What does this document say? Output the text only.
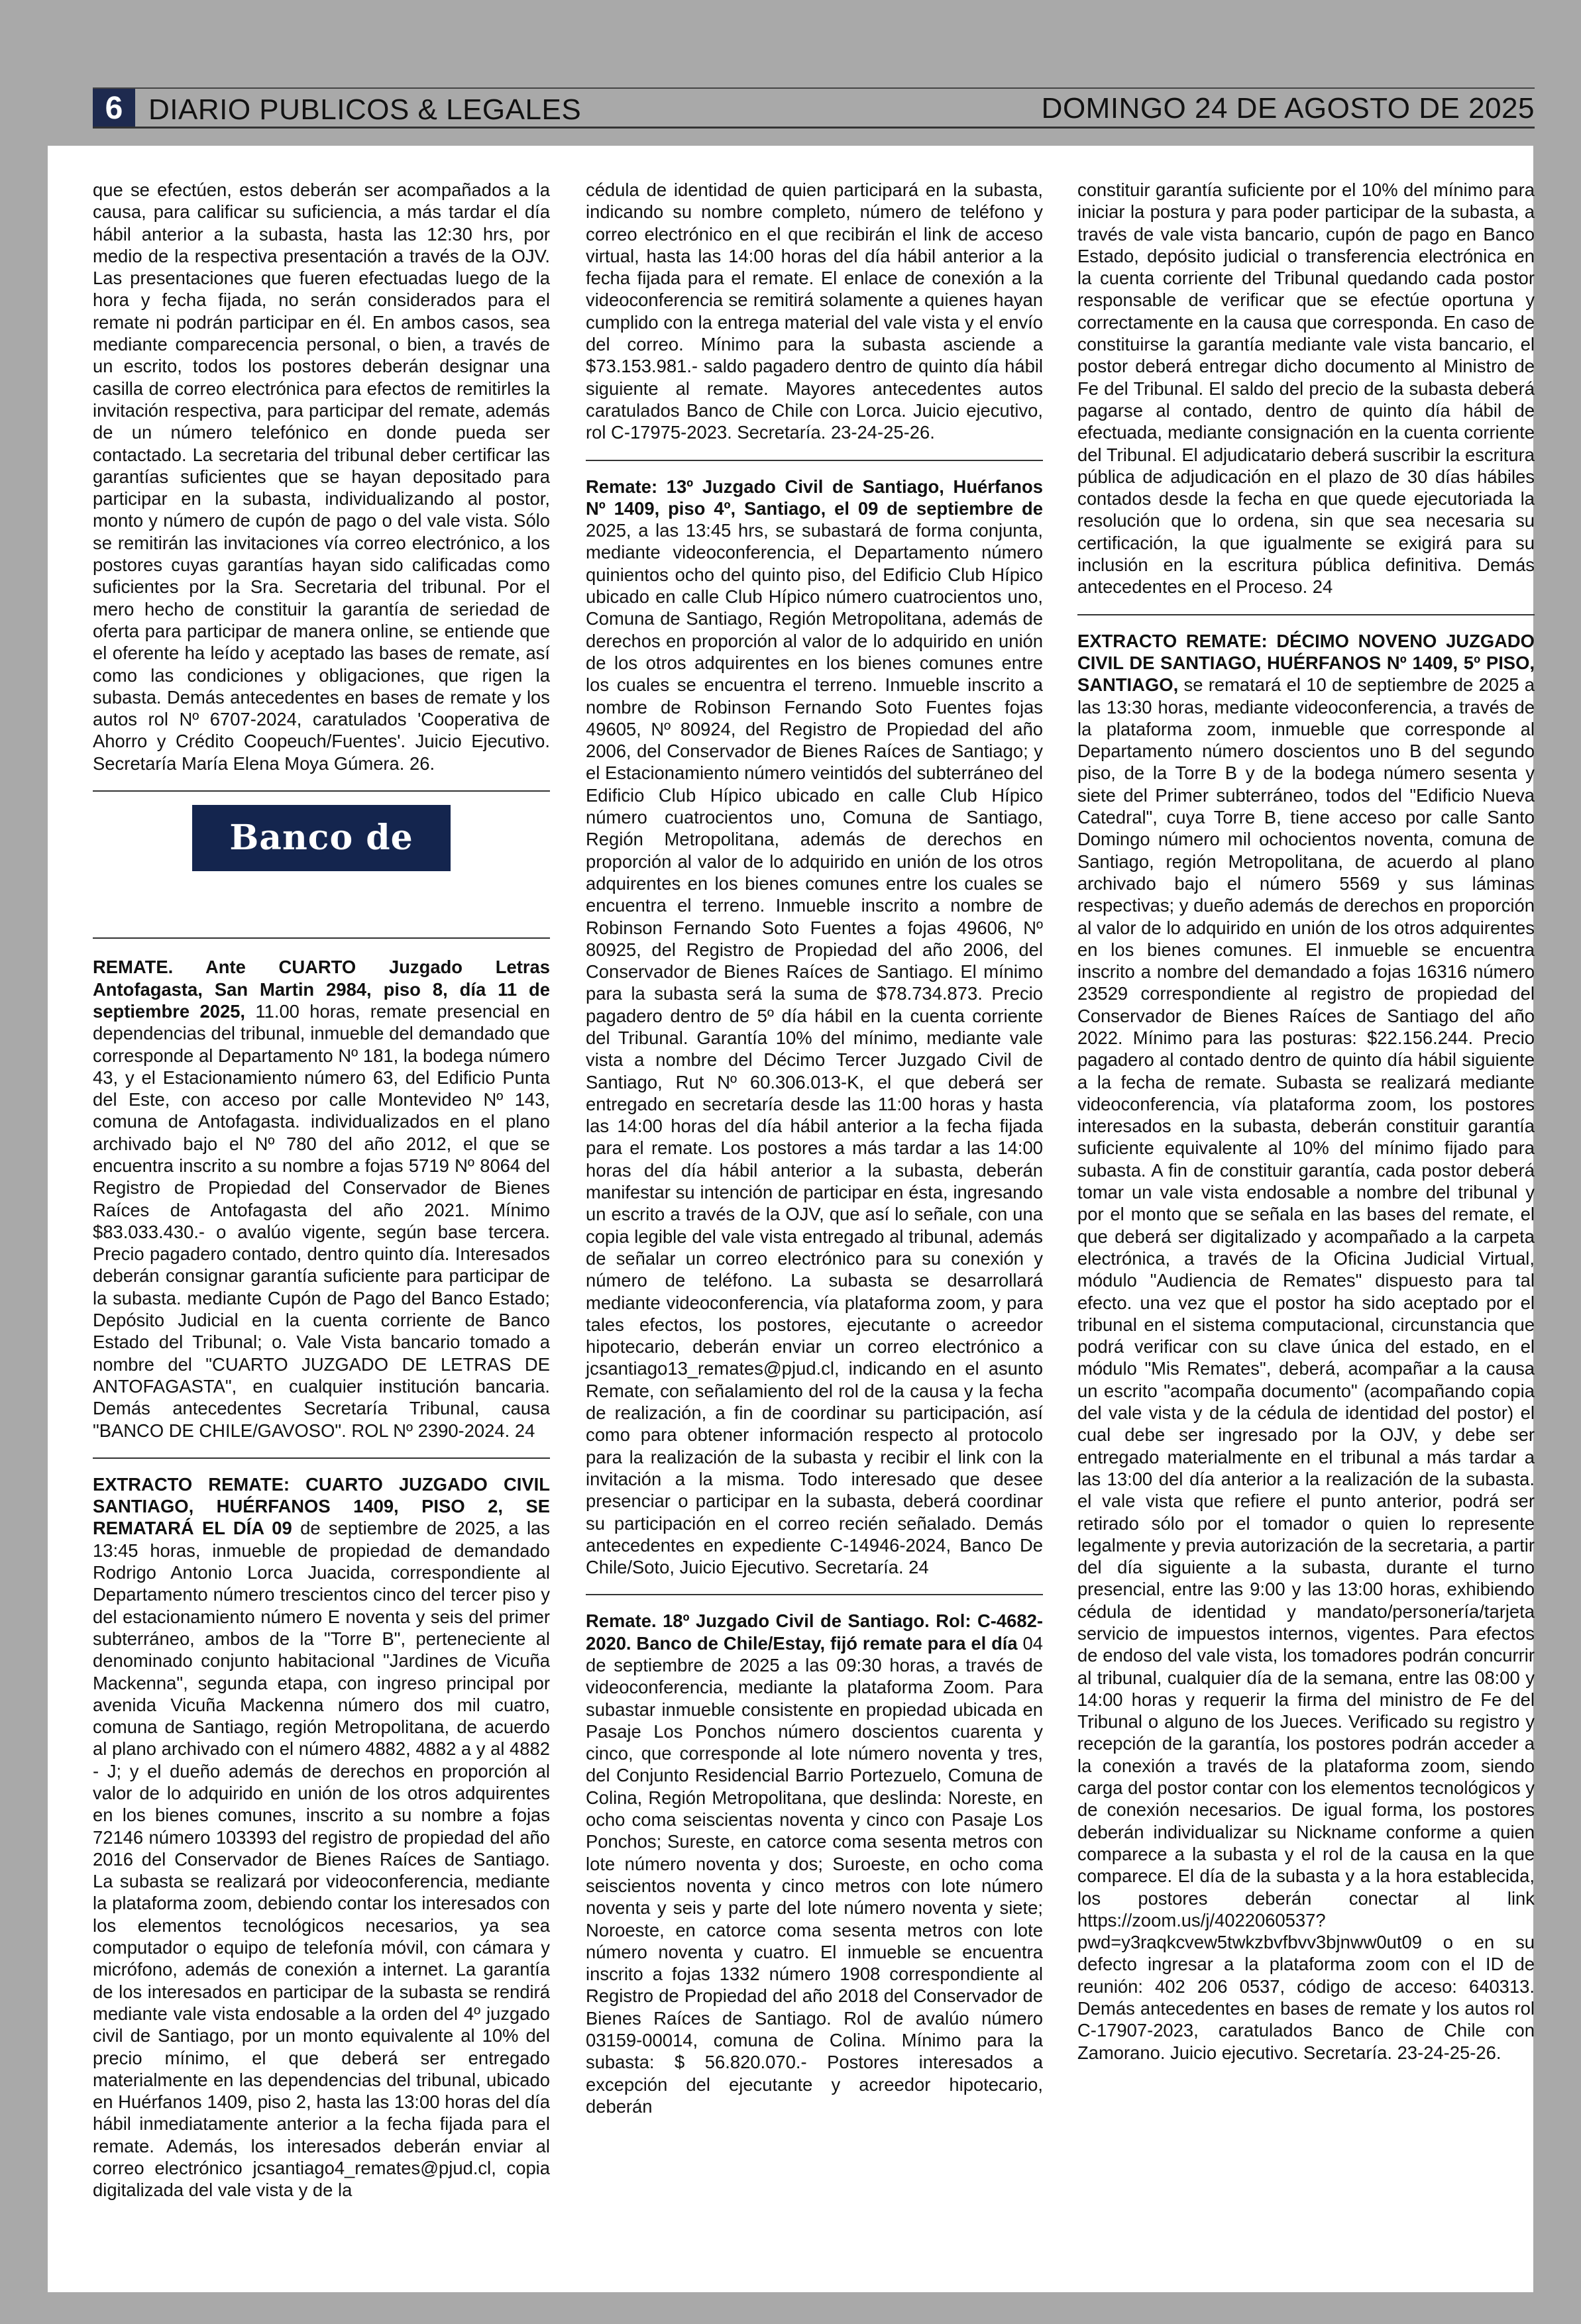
6 DIARIO PUBLICOS & LEGALES	DOMINGO 24 DE AGOSTO DE 2025

que se efectúen, estos deberán ser acompañados a la causa, para calificar su suficiencia, a más tardar el día hábil anterior a la subasta, hasta las 12:30 hrs, por medio de la respectiva presentación a través de la OJV. Las presentaciones que fueren efectuadas luego de la hora y fecha fijada, no serán considerados para el remate ni podrán participar en él. En ambos casos, sea mediante comparecencia personal, o bien, a través de un escrito, todos los postores deberán designar una casilla de correo electrónica para efectos de remitirles la invitación respectiva, para participar del remate, además de un número telefónico en donde pueda ser contactado. La secretaria del tribunal deber certificar las garantías suficientes que se hayan depositado para participar en la subasta, individualizando al postor, monto y número de cupón de pago o del vale vista. Sólo se remitirán las invitaciones vía correo electrónico, a los postores cuyas garantías hayan sido calificadas como suficientes por la Sra. Secretaria del tribunal. Por el mero hecho de constituir la garantía de seriedad de oferta para participar de manera online, se entiende que el oferente ha leído y aceptado las bases de remate, así como las condiciones y obligaciones, que rigen la subasta. Demás antecedentes en bases de remate y los autos rol Nº 6707-2024, caratulados 'Cooperativa de Ahorro y Crédito Coopeuch/Fuentes'. Juicio Ejecutivo. Secretaría María Elena Moya Gúmera. 26.

Banco de Chile

REMATE. Ante CUARTO Juzgado Letras Antofagasta, San Martin 2984, piso 8, día 11 de septiembre 2025, 11.00 horas, remate presencial en dependencias del tribunal, inmueble del demandado que corresponde al Departamento Nº 181, la bodega número 43, y el Estacionamiento número 63, del Edificio Punta del Este, con acceso por calle Montevideo Nº 143, comuna de Antofagasta. individualizados en el plano archivado bajo el Nº 780 del año 2012, el que se encuentra inscrito a su nombre a fojas 5719 Nº 8064 del Registro de Propiedad del Conservador de Bienes Raíces de Antofagasta del año 2021. Mínimo $83.033.430.- o avalúo vigente, según base tercera. Precio pagadero contado, dentro quinto día. Interesados deberán consignar garantía suficiente para participar de la subasta. mediante Cupón de Pago del Banco Estado; Depósito Judicial en la cuenta corriente de Banco Estado del Tribunal; o. Vale Vista bancario tomado a nombre del "CUARTO JUZGADO DE LETRAS DE ANTOFAGASTA", en cualquier institución bancaria. Demás antecedentes Secretaría Tribunal, causa "BANCO DE CHILE/GAVOSO". ROL Nº 2390-2024. 24

EXTRACTO REMATE: CUARTO JUZGADO CIVIL SANTIAGO, HUÉRFANOS 1409, PISO 2, SE REMATARÁ EL DÍA 09 de septiembre de 2025, a las 13:45 horas, inmueble de propiedad de demandado Rodrigo Antonio Lorca Juacida, correspondiente al Departamento número trescientos cinco del tercer piso y del estacionamiento número E noventa y seis del primer subterráneo, ambos de la "Torre B", perteneciente al denominado conjunto habitacional "Jardines de Vicuña Mackenna", segunda etapa, con ingreso principal por avenida Vicuña Mackenna número dos mil cuatro, comuna de Santiago, región Metropolitana, de acuerdo al plano archivado con el número 4882, 4882 a y al 4882 - J; y el dueño además de derechos en proporción al valor de lo adquirido en unión de los otros adquirentes en los bienes comunes, inscrito a su nombre a fojas 72146 número 103393 del registro de propiedad del año 2016 del Conservador de Bienes Raíces de Santiago. La subasta se realizará por videoconferencia, mediante la plataforma zoom, debiendo contar los interesados con los elementos tecnológicos necesarios, ya sea computador o equipo de telefonía móvil, con cámara y micrófono, además de conexión a internet. La garantía de los interesados en participar de la subasta se rendirá mediante vale vista endosable a la orden del 4º juzgado civil de Santiago, por un monto equivalente al 10% del precio mínimo, el que deberá ser entregado materialmente en las dependencias del tribunal, ubicado en Huérfanos 1409, piso 2, hasta las 13:00 horas del día hábil inmediatamente anterior a la fecha fijada para el remate. Además, los interesados deberán enviar al correo electrónico jcsantiago4_remates@pjud.cl, copia digitalizada del vale vista y de la

cédula de identidad de quien participará en la subasta, indicando su nombre completo, número de teléfono y correo electrónico en el que recibirán el link de acceso virtual, hasta las 14:00 horas del día hábil anterior a la fecha fijada para el remate. El enlace de conexión a la videoconferencia se remitirá solamente a quienes hayan cumplido con la entrega material del vale vista y el envío del correo. Mínimo para la subasta asciende a $73.153.981.- saldo pagadero dentro de quinto día hábil siguiente al remate. Mayores antecedentes autos caratulados Banco de Chile con Lorca. Juicio ejecutivo, rol C-17975-2023. Secretaría. 23-24-25-26.

Remate: 13º Juzgado Civil de Santiago, Huérfanos Nº 1409, piso 4º, Santiago, el 09 de septiembre de 2025, a las 13:45 hrs, se subastará de forma conjunta, mediante videoconferencia, el Departamento número quinientos ocho del quinto piso, del Edificio Club Hípico ubicado en calle Club Hípico número cuatrocientos uno, Comuna de Santiago, Región Metropolitana, además de derechos en proporción al valor de lo adquirido en unión de los otros adquirentes en los bienes comunes entre los cuales se encuentra el terreno. Inmueble inscrito a nombre de Robinson Fernando Soto Fuentes fojas 49605, Nº 80924, del Registro de Propiedad del año 2006, del Conservador de Bienes Raíces de Santiago; y el Estacionamiento número veintidós del subterráneo del Edificio Club Hípico ubicado en calle Club Hípico número cuatrocientos uno, Comuna de Santiago, Región Metropolitana, además de derechos en proporción al valor de lo adquirido en unión de los otros adquirentes en los bienes comunes entre los cuales se encuentra el terreno. Inmueble inscrito a nombre de Robinson Fernando Soto Fuentes a fojas 49606, Nº 80925, del Registro de Propiedad del año 2006, del Conservador de Bienes Raíces de Santiago. El mínimo para la subasta será la suma de $78.734.873. Precio pagadero dentro de 5º día hábil en la cuenta corriente del Tribunal. Garantía 10% del mínimo, mediante vale vista a nombre del Décimo Tercer Juzgado Civil de Santiago, Rut Nº 60.306.013-K, el que deberá ser entregado en secretaría desde las 11:00 horas y hasta las 14:00 horas del día hábil anterior a la fecha fijada para el remate. Los postores a más tardar a las 14:00 horas del día hábil anterior a la subasta, deberán manifestar su intención de participar en ésta, ingresando un escrito a través de la OJV, que así lo señale, con una copia legible del vale vista entregado al tribunal, además de señalar un correo electrónico para su conexión y número de teléfono. La subasta se desarrollará mediante videoconferencia, vía plataforma zoom, y para tales efectos, los postores, ejecutante o acreedor hipotecario, deberán enviar un correo electrónico a jcsantiago13_remates@pjud.cl, indicando en el asunto Remate, con señalamiento del rol de la causa y la fecha de realización, a fin de coordinar su participación, así como para obtener información respecto al protocolo para la realización de la subasta y recibir el link con la invitación a la misma. Todo interesado que desee presenciar o participar en la subasta, deberá coordinar su participación en el correo recién señalado. Demás antecedentes en expediente C-14946-2024, Banco De Chile/Soto, Juicio Ejecutivo. Secretaría. 24

Remate. 18º Juzgado Civil de Santiago. Rol: C-4682-2020. Banco de Chile/Estay, fijó remate para el día 04 de septiembre de 2025 a las 09:30 horas, a través de videoconferencia, mediante la plataforma Zoom. Para subastar inmueble consistente en propiedad ubicada en Pasaje Los Ponchos número doscientos cuarenta y cinco, que corresponde al lote número noventa y tres, del Conjunto Residencial Barrio Portezuelo, Comuna de Colina, Región Metropolitana, que deslinda: Noreste, en ocho coma seiscientas noventa y cinco con Pasaje Los Ponchos; Sureste, en catorce coma sesenta metros con lote número noventa y dos; Suroeste, en ocho coma seiscientos noventa y cinco metros con lote número noventa y seis y parte del lote número noventa y siete; Noroeste, en catorce coma sesenta metros con lote número noventa y cuatro. El inmueble se encuentra inscrito a fojas 1332 número 1908 correspondiente al Registro de Propiedad del año 2018 del Conservador de Bienes Raíces de Santiago. Rol de avalúo número 03159-00014, comuna de Colina. Mínimo para la subasta: $ 56.820.070.- Postores interesados a excepción del ejecutante y acreedor hipotecario, deberán

constituir garantía suficiente por el 10% del mínimo para iniciar la postura y para poder participar de la subasta, a través de vale vista bancario, cupón de pago en Banco Estado, depósito judicial o transferencia electrónica en la cuenta corriente del Tribunal quedando cada postor responsable de verificar que se efectúe oportuna y correctamente en la causa que corresponda. En caso de constituirse la garantía mediante vale vista bancario, el postor deberá entregar dicho documento al Ministro de Fe del Tribunal. El saldo del precio de la subasta deberá pagarse al contado, dentro de quinto día hábil de efectuada, mediante consignación en la cuenta corriente del Tribunal. El adjudicatario deberá suscribir la escritura pública de adjudicación en el plazo de 30 días hábiles contados desde la fecha en que quede ejecutoriada la resolución que lo ordena, sin que sea necesaria su certificación, la que igualmente se exigirá para su inclusión en la escritura pública definitiva. Demás antecedentes en el Proceso. 24

EXTRACTO REMATE: DÉCIMO NOVENO JUZGADO CIVIL DE SANTIAGO, HUÉRFANOS Nº 1409, 5º PISO, SANTIAGO, se rematará el 10 de septiembre de 2025 a las 13:30 horas, mediante videoconferencia, a través de la plataforma zoom, inmueble que corresponde al Departamento número doscientos uno B del segundo piso, de la Torre B y de la bodega número sesenta y siete del Primer subterráneo, todos del "Edificio Nueva Catedral", cuya Torre B, tiene acceso por calle Santo Domingo número mil ochocientos noventa, comuna de Santiago, región Metropolitana, de acuerdo al plano archivado bajo el número 5569 y sus láminas respectivas; y dueño además de derechos en proporción al valor de lo adquirido en unión de los otros adquirentes en los bienes comunes. El inmueble se encuentra inscrito a nombre del demandado a fojas 16316 número 23529 correspondiente al registro de propiedad del Conservador de Bienes Raíces de Santiago del año 2022. Mínimo para las posturas: $22.156.244. Precio pagadero al contado dentro de quinto día hábil siguiente a la fecha de remate. Subasta se realizará mediante videoconferencia, vía plataforma zoom, los postores interesados en la subasta, deberán constituir garantía suficiente equivalente al 10% del mínimo fijado para subasta. A fin de constituir garantía, cada postor deberá tomar un vale vista endosable a nombre del tribunal y por el monto que se señala en las bases del remate, el que deberá ser digitalizado y acompañado a la carpeta electrónica, a través de la Oficina Judicial Virtual, módulo "Audiencia de Remates" dispuesto para tal efecto. una vez que el postor ha sido aceptado por el tribunal en el sistema computacional, circunstancia que podrá verificar con su clave única del estado, en el módulo "Mis Remates", deberá, acompañar a la causa un escrito "acompaña documento" (acompañando copia del vale vista y de la cédula de identidad del postor) el cual debe ser ingresado por la OJV, y debe ser entregado materialmente en el tribunal a más tardar a las 13:00 del día anterior a la realización de la subasta. el vale vista que refiere el punto anterior, podrá ser retirado sólo por el tomador o quien lo represente legalmente y previa autorización de la secretaria, a partir del día siguiente a la subasta, durante el turno presencial, entre las 9:00 y las 13:00 horas, exhibiendo cédula de identidad y mandato/personería/tarjeta servicio de impuestos internos, vigentes. Para efectos de endoso del vale vista, los tomadores podrán concurrir al tribunal, cualquier día de la semana, entre las 08:00 y 14:00 horas y requerir la firma del ministro de Fe del Tribunal o alguno de los Jueces. Verificado su registro y recepción de la garantía, los postores podrán acceder a la conexión a través de la plataforma zoom, siendo carga del postor contar con los elementos tecnológicos y de conexión necesarios. De igual forma, los postores deberán individualizar su Nickname conforme a quien comparece a la subasta y el rol de la causa en la que comparece. El día de la subasta y a la hora establecida, los postores deberán conectar al link https://zoom.us/j/4022060537?pwd=y3raqkcvew5twkzbvfbvv3bjnww0ut09 o en su defecto ingresar a la plataforma zoom con el ID de reunión: 402 206 0537, código de acceso: 640313. Demás antecedentes en bases de remate y los autos rol C-17907-2023, caratulados Banco de Chile con Zamorano. Juicio ejecutivo. Secretaría. 23-24-25-26.
